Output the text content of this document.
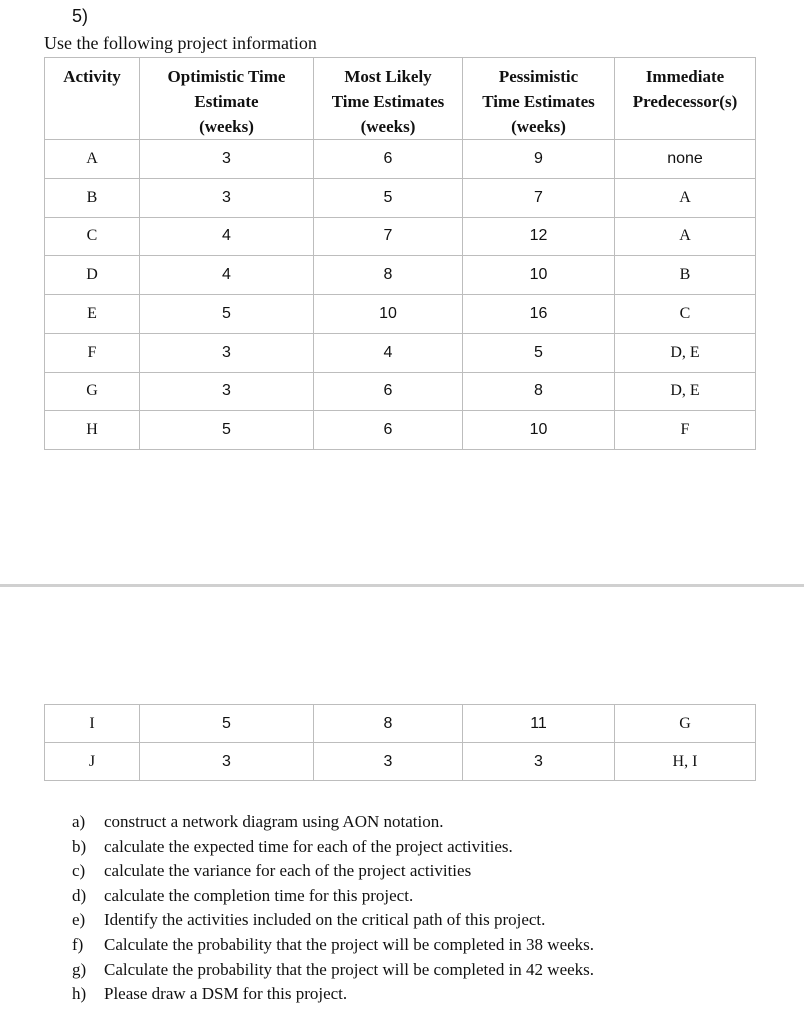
5)
Use the following project information
Activity	Optimistic Time
Estimate
(weeks)	Most Likely
Time Estimates
(weeks)	Pessimistic
Time Estimates
(weeks)	Immediate
Predecessor(s)
A	3	6	9	none
B	3	5	7	A
C	4	7	12	A
D	4	8	10	B
E	5	10	16	C
F	3	4	5	D, E
G	3	6	8	D, E
H	5	6	10	F
I	5	8	11	G
J	3	3	3	H, I
a) construct a network diagram using AON notation.
b) calculate the expected time for each of the project activities.
c) calculate the variance for each of the project activities
d) calculate the completion time for this project.
e) Identify the activities included on the critical path of this project.
f) Calculate the probability that the project will be completed in 38 weeks.
g) Calculate the probability that the project will be completed in 42 weeks.
h) Please draw a DSM for this project.
